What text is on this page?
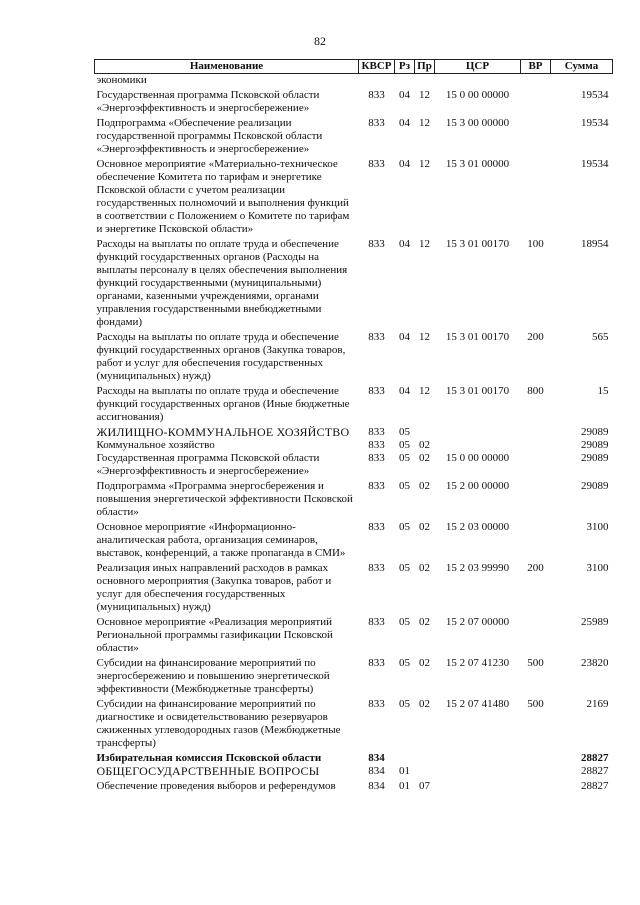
82
Наименование	КВСР	Рз	Пр	ЦСР	ВР	Сумма
экономики						
Государственная программа Псковской области «Энергоэффективность и энергосбережение»	833	04	12	15 0 00 00000		19534
Подпрограмма «Обеспечение реализации государственной программы Псковской области «Энергоэффективность и энергосбережение»	833	04	12	15 3 00 00000		19534
Основное мероприятие «Материально-техническое обеспечение Комитета по тарифам и энергетике Псковской области с учетом реализации государственных полномочий и выполнения функций в соответствии с Положением о Комитете по тарифам и энергетике Псковской области»	833	04	12	15 3 01 00000		19534
Расходы на выплаты по оплате труда и обеспечение функций государственных органов (Расходы на выплаты персоналу в целях обеспечения выполнения функций государственными (муниципальными) органами, казенными учреждениями, органами управления государственными внебюджетными фондами)	833	04	12	15 3 01 00170	100	18954
Расходы на выплаты по оплате труда и обеспечение функций государственных органов (Закупка товаров, работ и услуг для обеспечения государственных (муниципальных) нужд)	833	04	12	15 3 01 00170	200	565
Расходы на выплаты по оплате труда и обеспечение функций государственных органов (Иные бюджетные ассигнования)	833	04	12	15 3 01 00170	800	15
ЖИЛИЩНО-КОММУНАЛЬНОЕ ХОЗЯЙСТВО	833	05				29089
Коммунальное хозяйство	833	05	02			29089
Государственная программа Псковской области «Энергоэффективность и энергосбережение»	833	05	02	15 0 00 00000		29089
Подпрограмма «Программа энергосбережения и повышения энергетической эффективности Псковской области»	833	05	02	15 2 00 00000		29089
Основное мероприятие «Информационно-аналитическая работа, организация семинаров, выставок, конференций, а также пропаганда в СМИ»	833	05	02	15 2 03 00000		3100
Реализация иных направлений расходов в рамках основного мероприятия (Закупка товаров, работ и услуг для обеспечения государственных (муниципальных) нужд)	833	05	02	15 2 03 99990	200	3100
Основное мероприятие «Реализация мероприятий Региональной программы газификации Псковской области»	833	05	02	15 2 07 00000		25989
Субсидии на финансирование мероприятий по энергосбережению и повышению энергетической эффективности (Межбюджетные трансферты)	833	05	02	15 2 07 41230	500	23820
Субсидии на финансирование мероприятий по диагностике и освидетельствованию резервуаров сжиженных углеводородных газов (Межбюджетные трансферты)	833	05	02	15 2 07 41480	500	2169
Избирательная комиссия Псковской области	834					28827
ОБЩЕГОСУДАРСТВЕННЫЕ ВОПРОСЫ	834	01				28827
Обеспечение проведения выборов и референдумов	834	01	07			28827
